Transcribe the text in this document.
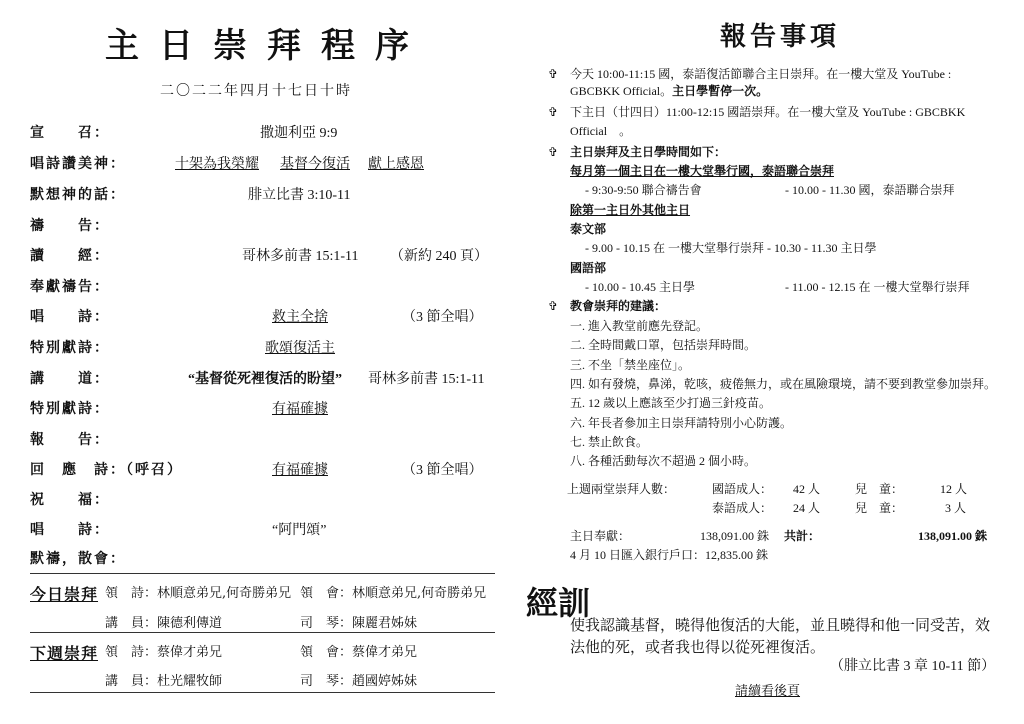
主日崇拜程序
二〇二二年四月十七日十時
宣　　召：	撒迦利亞 9:9
唱詩讚美神：	十架為我榮耀 基督今復活 獻上感恩
默想神的話：	腓立比書 3:10-11
禱　　告：
讀　　經：	哥林多前書 15:1-11 （新約 240 頁）
奉獻禱告：
唱　　詩：	救主全捨	（3 節全唱）
特別獻詩：	歌頌復活主
講　　道：	“基督從死裡復活的盼望” 哥林多前書 15:1-11
特別獻詩：	有福確據
報　　告：
回　應　詩：（呼召）	有福確據	（3 節全唱）
祝　　福：
唱　　詩：	“阿門頌”
默禱，散會：
今日崇拜 領　詩：林順意弟兄,何奇勝弟兄 領　會：林順意弟兄,何奇勝弟兄
講　員：陳德利傳道	司　琴：陳麗君姊妹
下週崇拜 領　詩：蔡偉才弟兄	領　會：蔡偉才弟兄
講　員：杜光耀牧師	司　琴：趙國婷姊妹
報告事項
✞ 今天 10:00-11:15 國，泰語復活節聯合主日崇拜。在一樓大堂及 YouTube :
GBCBKK Official。主日學暫停一次。
✞ 下主日（廿四日）11:00-12:15 國語崇拜。在一樓大堂及 YouTube : GBCBKK
Official　。
✞ 主日崇拜及主日學時間如下：
每月第一個主日在一樓大堂舉行國，泰語聯合崇拜
- 9:30-9:50 聯合禱告會	- 10.00 - 11.30 國，泰語聯合崇拜
除第一主日外其他主日
泰文部
- 9.00 - 10.15 在 一樓大堂舉行崇拜 - 10.30 - 11.30 主日學
國語部
- 10.00 - 10.45 主日學	- 11.00 - 12.15 在 一樓大堂舉行崇拜
✞ 教會崇拜的建議：
一. 進入教堂前應先登記。
二. 全時間戴口罩，包括崇拜時間。
三. 不坐「禁坐座位」。
四. 如有發燒，鼻涕，乾咳，疲倦無力，或在風險環境，請不要到教堂參加崇拜。
五. 12 歲以上應該至少打過三針疫苗。
六. 年長者參加主日崇拜請特別小心防護。
七. 禁止飲食。
八. 各種活動每次不超過 2 個小時。
上週兩堂崇拜人數：	國語成人： 42 人	兒　童：	12 人
泰語成人： 24 人	兒　童：	3 人
主日奉獻：	138,091.00 銖 共計：	138,091.00 銖
4 月 10 日匯入銀行戶口：12,835.00 銖
經訓
使我認識基督，曉得他復活的大能，並且曉得和他一同受苦，效法他的死，或者我也得以從死裡復活。
（腓立比書 3 章 10-11 節）
請續看後頁
